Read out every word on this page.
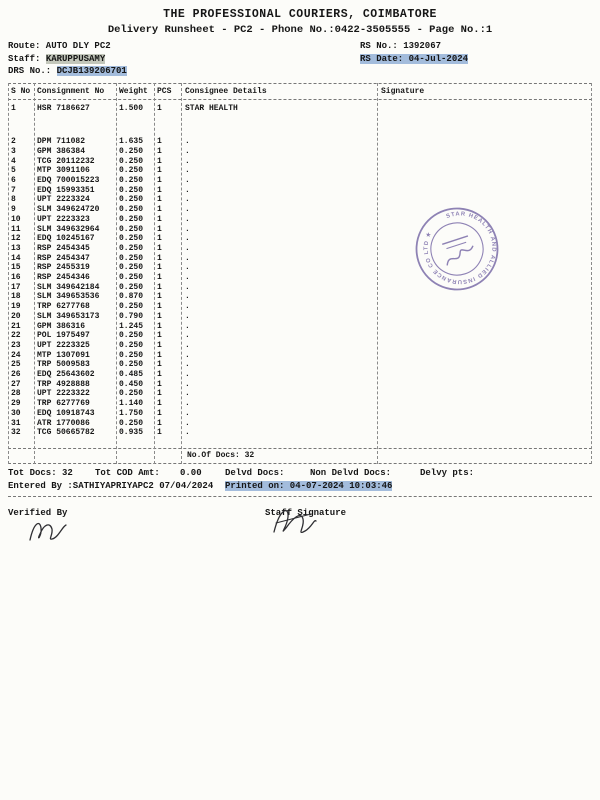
THE PROFESSIONAL COURIERS, COIMBATORE
Delivery Runsheet - PC2 - Phone No.:0422-3505555 - Page No.:1
Route: AUTO DLY PC2	RS No.: 1392067
Staff: KARUPPUSAMY	RS Date: 04-Jul-2024
DRS No.: DCJB139206701
S No Consignment No	Weight	PCS	Consignee Details	Signature
1	HSR 7186627	1.500	1	STAR HEALTH
2	DPM 711082	1.635	1	.
3	GPM 386384	0.250	1	.
4	TCG 20112232	0.250	1	.
5	MTP 3091106	0.250	1	.
6	EDQ 700015223	0.250	1	.
7	EDQ 15993351	0.250	1	.
8	UPT 2223324	0.250	1	.
9	SLM 349624720	0.250	1	.
10	UPT 2223323	0.250	1	.
11	SLM 349632964	0.250	1	.
12	EDQ 10245167	0.250	1	.
13	RSP 2454345	0.250	1	.
14	RSP 2454347	0.250	1	.
15	RSP 2455319	0.250	1	.
16	RSP 2454346	0.250	1	.
17	SLM 349642184	0.250	1	.
18	SLM 349653536	0.870	1	.
19	TRP 6277768	0.250	1	.
20	SLM 349653173	0.790	1	.
21	GPM 386316	1.245	1	.
22	POL 1975497	0.250	1	.
23	UPT 2223325	0.250	1	.
24	MTP 1307091	0.250	1	.
25	TRP 5009583	0.250	1	.
26	EDQ 25643602	0.485	1	.
27	TRP 4928888	0.450	1	.
28	UPT 2223322	0.250	1	.
29	TRP 6277769	1.140	1	.
30	EDQ 10918743	1.750	1	.
31	ATR 1770086	0.250	1	.
32	TCG 50665782	0.935	1	.
No.Of Docs: 32
Tot Docs: 32	Tot COD Amt:	0.00	Delvd Docs:	Non Delvd Docs:	Delvy pts:
Entered By :SATHIYAPRIYAPC2 07/04/2024	Printed on: 04-07-2024 10:03:46
Verified By	Staff Signature
STAR HEALTH AND ALLIED INSURANCE CO LTD ★
